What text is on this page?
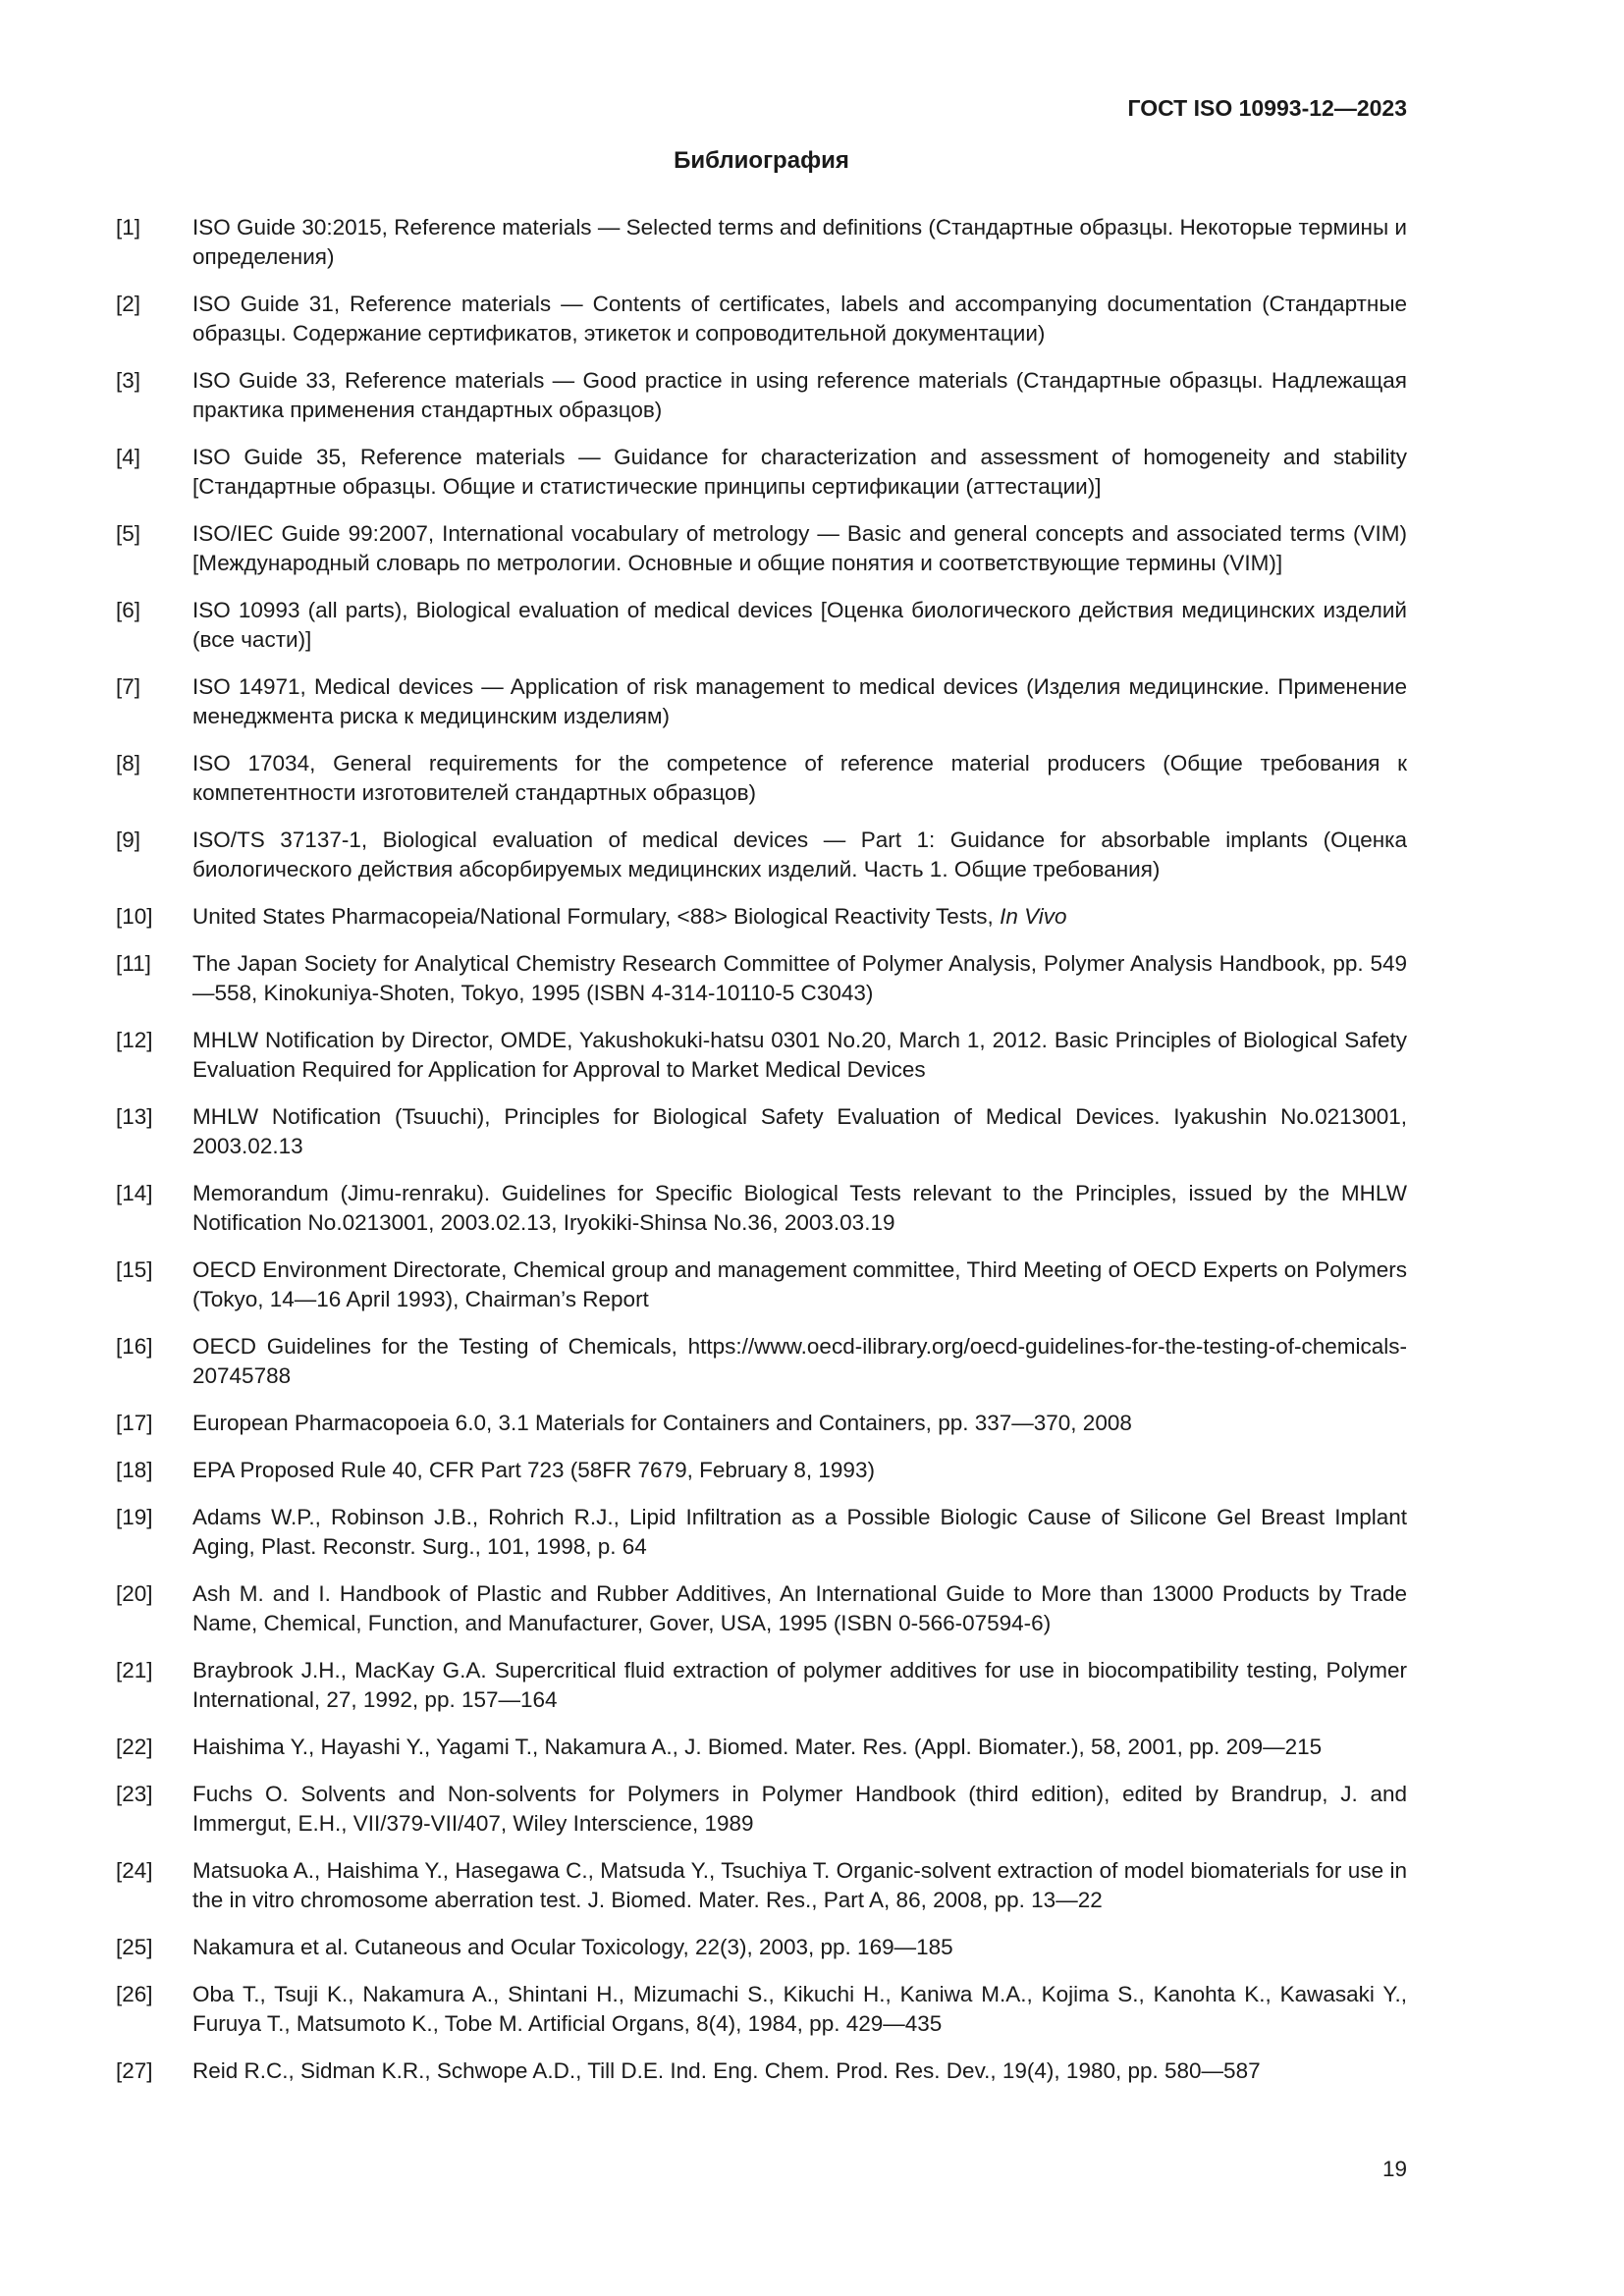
ГОСТ ISO 10993-12—2023
Библиография
[1]	ISO Guide 30:2015, Reference materials — Selected terms and definitions (Стандартные образцы. Некоторые термины и определения)
[2]	ISO Guide 31, Reference materials — Contents of certificates, labels and accompanying documentation (Стандартные образцы. Содержание сертификатов, этикеток и сопроводительной документации)
[3]	ISO Guide 33, Reference materials — Good practice in using reference materials (Стандартные образцы. Надлежащая практика применения стандартных образцов)
[4]	ISO Guide 35, Reference materials — Guidance for characterization and assessment of homogeneity and stability [Стандартные образцы. Общие и статистические принципы сертификации (аттестации)]
[5]	ISO/IEC Guide 99:2007, International vocabulary of metrology — Basic and general concepts and associated terms (VIM) [Международный словарь по метрологии. Основные и общие понятия и соответствующие термины (VIM)]
[6]	ISO 10993 (all parts), Biological evaluation of medical devices [Оценка биологического действия медицинских изделий (все части)]
[7]	ISO 14971, Medical devices — Application of risk management to medical devices (Изделия медицинские. Применение менеджмента риска к медицинским изделиям)
[8]	ISO 17034, General requirements for the competence of reference material producers (Общие требования к компетентности изготовителей стандартных образцов)
[9]	ISO/TS 37137-1, Biological evaluation of medical devices — Part 1: Guidance for absorbable implants (Оценка биологического действия абсорбируемых медицинских изделий. Часть 1. Общие требования)
[10]	United States Pharmacopeia/National Formulary, <88> Biological Reactivity Tests, In Vivo
[11]	The Japan Society for Analytical Chemistry Research Committee of Polymer Analysis, Polymer Analysis Handbook, pp. 549—558, Kinokuniya-Shoten, Tokyo, 1995 (ISBN 4-314-10110-5 C3043)
[12]	MHLW Notification by Director, OMDE, Yakushokuki-hatsu 0301 No.20, March 1, 2012. Basic Principles of Biological Safety Evaluation Required for Application for Approval to Market Medical Devices
[13]	MHLW Notification (Tsuuchi), Principles for Biological Safety Evaluation of Medical Devices. Iyakushin No.0213001, 2003.02.13
[14]	Memorandum (Jimu-renraku). Guidelines for Specific Biological Tests relevant to the Principles, issued by the MHLW Notification No.0213001, 2003.02.13, Iryokiki-Shinsa No.36, 2003.03.19
[15]	OECD Environment Directorate, Chemical group and management committee, Third Meeting of OECD Experts on Polymers (Tokyo, 14—16 April 1993), Chairman’s Report
[16]	OECD Guidelines for the Testing of Chemicals, https://www.oecd-ilibrary.org/oecd-guidelines-for-the-testing-of-chemicals-20745788
[17]	European Pharmacopoeia 6.0, 3.1 Materials for Containers and Containers, pp. 337—370, 2008
[18]	EPA Proposed Rule 40, CFR Part 723 (58FR 7679, February 8, 1993)
[19]	Adams W.P., Robinson J.B., Rohrich R.J., Lipid Infiltration as a Possible Biologic Cause of Silicone Gel Breast Implant Aging, Plast. Reconstr. Surg., 101, 1998, p. 64
[20]	Ash M. and I. Handbook of Plastic and Rubber Additives, An International Guide to More than 13000 Products by Trade Name, Chemical, Function, and Manufacturer, Gover, USA, 1995 (ISBN 0-566-07594-6)
[21]	Braybrook J.H., MacKay G.A. Supercritical fluid extraction of polymer additives for use in biocompatibility testing, Polymer International, 27, 1992, pp. 157—164
[22]	Haishima Y., Hayashi Y., Yagami T., Nakamura A., J. Biomed. Mater. Res. (Appl. Biomater.), 58, 2001, pp. 209—215
[23]	Fuchs O. Solvents and Non-solvents for Polymers in Polymer Handbook (third edition), edited by Brandrup, J. and Immergut, E.H., VII/379-VII/407, Wiley Interscience, 1989
[24]	Matsuoka A., Haishima Y., Hasegawa C., Matsuda Y., Tsuchiya T. Organic-solvent extraction of model biomaterials for use in the in vitro chromosome aberration test. J. Biomed. Mater. Res., Part A, 86, 2008, pp. 13—22
[25]	Nakamura et al. Cutaneous and Ocular Toxicology, 22(3), 2003, pp. 169—185
[26]	Oba T., Tsuji K., Nakamura A., Shintani H., Mizumachi S., Kikuchi H., Kaniwa M.A., Kojima S., Kanohta K., Kawasaki Y., Furuya T., Matsumoto K., Tobe M. Artificial Organs, 8(4), 1984, pp. 429—435
[27]	Reid R.C., Sidman K.R., Schwope A.D., Till D.E. Ind. Eng. Chem. Prod. Res. Dev., 19(4), 1980, pp. 580—587
19
